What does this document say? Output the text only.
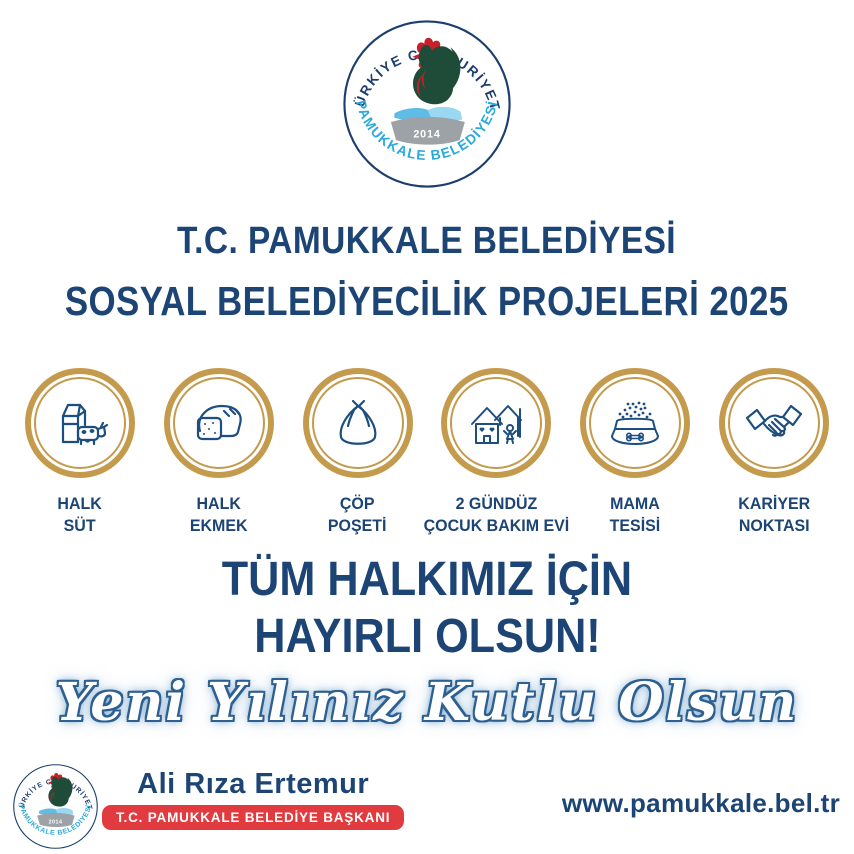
T.C. PAMUKKALE BELEDİYESİ
SOSYAL BELEDİYECİLİK PROJELERİ 2025
HALK
SÜT
HALK
EKMEK
ÇÖP
POŞETİ
2 GÜNDÜZ
ÇOCUK BAKIM EVİ
MAMA
TESİSİ
KARİYER
NOKTASI
TÜM HALKIMIZ İÇİN
HAYIRLI OLSUN!
Yeni Yılınız Kutlu Olsun
Ali Rıza Ertemur
T.C. PAMUKKALE BELEDİYE BAŞKANI	www.pamukkale.bel.tr
